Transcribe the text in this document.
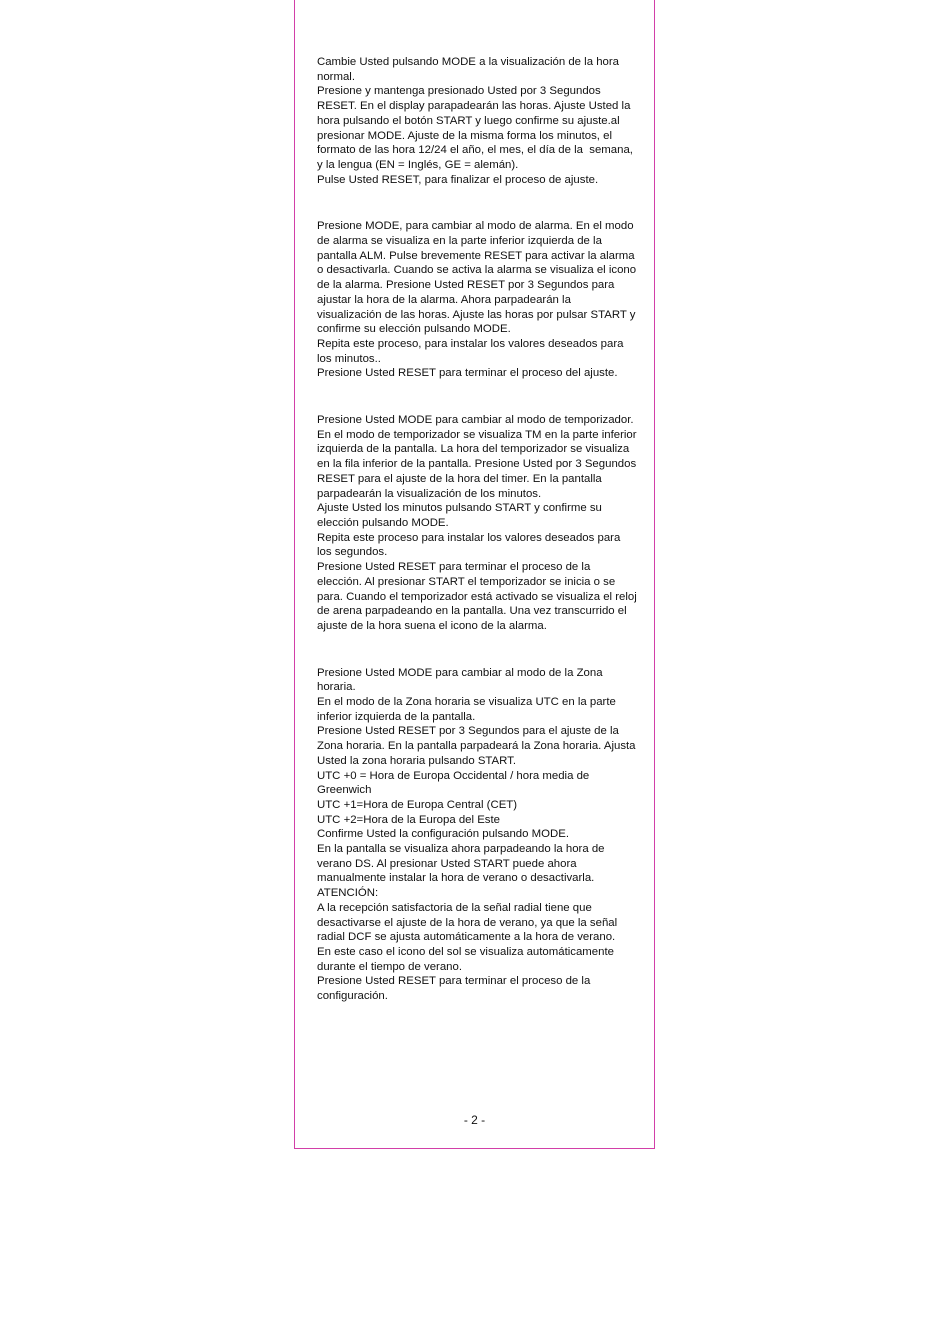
Cambie Usted pulsando MODE a la visualización de la hora normal.
Presione y mantenga presionado Usted por 3 Segundos RESET. En el display parapadearán las horas. Ajuste Usted la hora pulsando el botón START y luego confirme su ajuste.al presionar MODE. Ajuste de la misma forma los minutos, el formato de las hora 12/24 el año, el mes, el día de la  semana, y la lengua (EN = Inglés, GE = alemán).
Pulse Usted RESET, para finalizar el proceso de ajuste.
Presione MODE, para cambiar al modo de alarma. En el modo de alarma se visualiza en la parte inferior izquierda de la pantalla ALM. Pulse brevemente RESET para activar la alarma o desactivarla. Cuando se activa la alarma se visualiza el icono de la alarma. Presione Usted RESET por 3 Segundos para ajustar la hora de la alarma. Ahora parpadearán la visualización de las horas. Ajuste las horas por pulsar START y confirme su elección pulsando MODE.
Repita este proceso, para instalar los valores deseados para los minutos..
Presione Usted RESET para terminar el proceso del ajuste.
Presione Usted MODE para cambiar al modo de temporizador. En el modo de temporizador se visualiza TM en la parte inferior izquierda de la pantalla. La hora del temporizador se visualiza en la fila inferior de la pantalla. Presione Usted por 3 Segundos RESET para el ajuste de la hora del timer. En la pantalla parpadearán la visualización de los minutos.
Ajuste Usted los minutos pulsando START y confirme su elección pulsando MODE.
Repita este proceso para instalar los valores deseados para los segundos.
Presione Usted RESET para terminar el proceso de la elección. Al presionar START el temporizador se inicia o se para. Cuando el temporizador está activado se visualiza el reloj de arena parpadeando en la pantalla. Una vez transcurrido el ajuste de la hora suena el icono de la alarma.
Presione Usted MODE para cambiar al modo de la Zona horaria.
En el modo de la Zona horaria se visualiza UTC en la parte inferior izquierda de la pantalla.
Presione Usted RESET por 3 Segundos para el ajuste de la Zona horaria. En la pantalla parpadeará la Zona horaria. Ajusta Usted la zona horaria pulsando START.
UTC +0 = Hora de Europa Occidental / hora media de Greenwich
UTC +1=Hora de Europa Central (CET)
UTC +2=Hora de la Europa del Este
Confirme Usted la configuración pulsando MODE.
En la pantalla se visualiza ahora parpadeando la hora de verano DS. Al presionar Usted START puede ahora manualmente instalar la hora de verano o desactivarla.
ATENCIÓN:
A la recepción satisfactoria de la señal radial tiene que desactivarse el ajuste de la hora de verano, ya que la señal radial DCF se ajusta automáticamente a la hora de verano.
En este caso el icono del sol se visualiza automáticamente durante el tiempo de verano.
Presione Usted RESET para terminar el proceso de la configuración.
- 2 -
